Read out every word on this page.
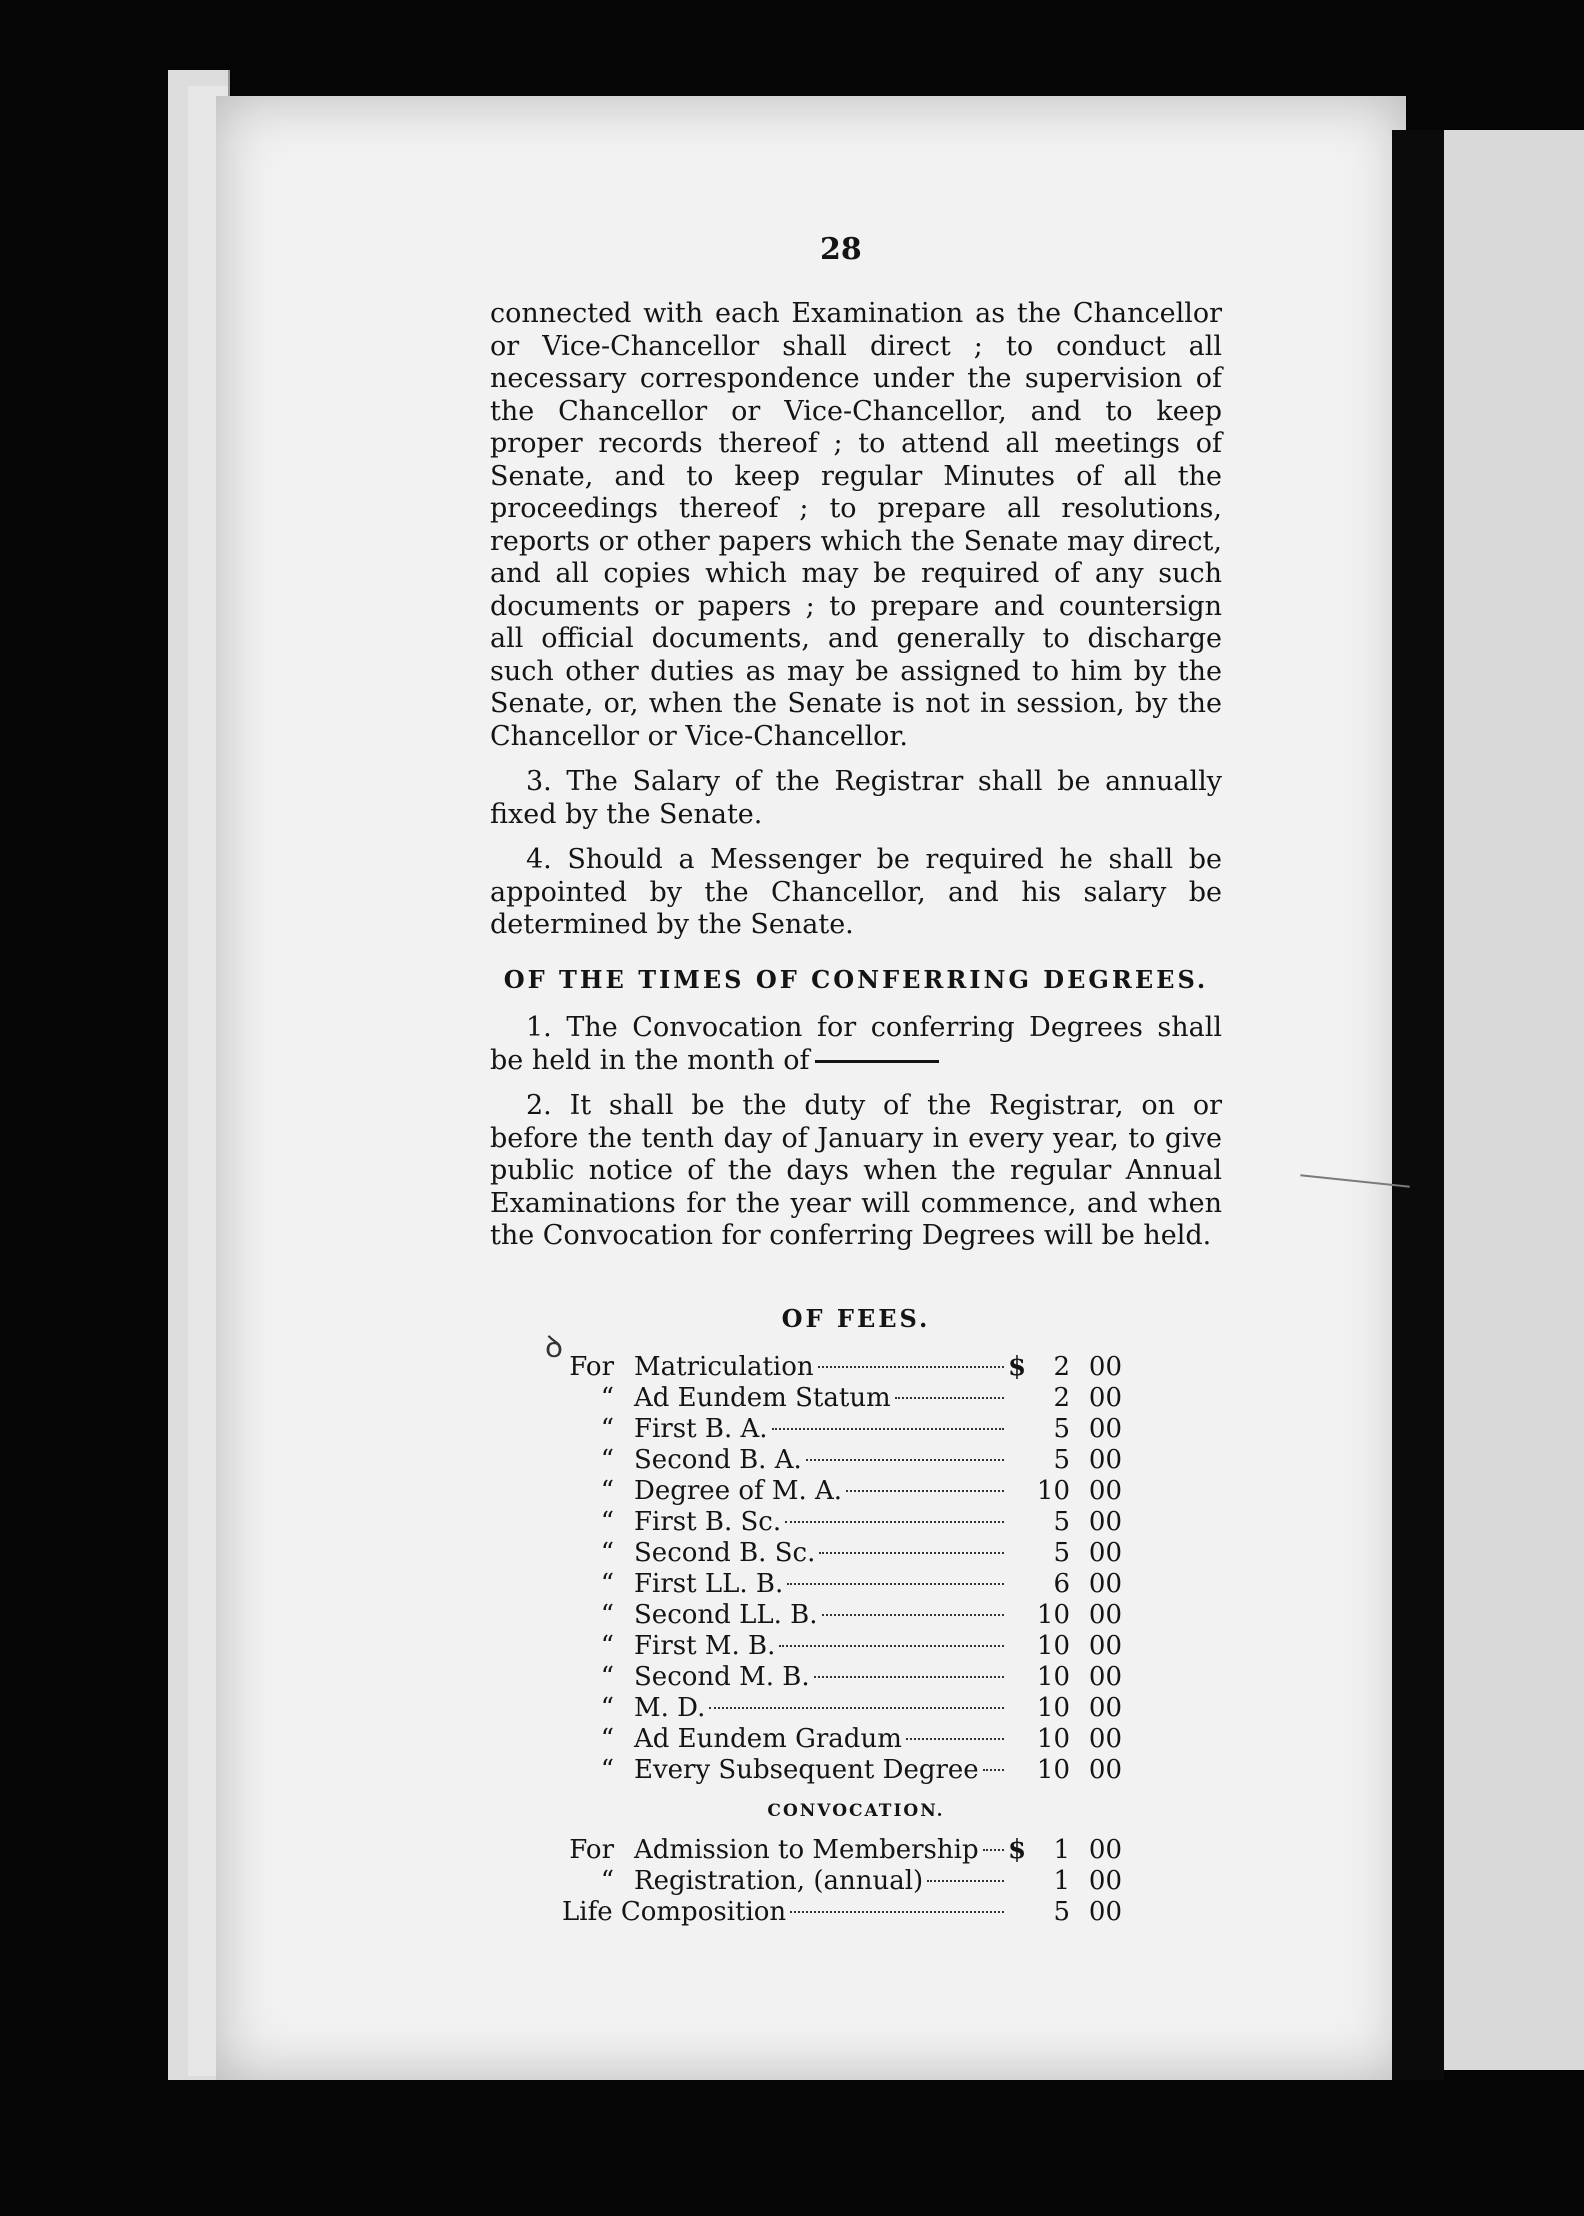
28

connected with each Examination as the Chancellor or Vice-Chancellor shall direct ; to conduct all necessary correspondence under the supervision of the Chancellor or Vice-Chancellor, and to keep proper records thereof ; to attend all meetings of Senate, and to keep regular Minutes of all the proceedings thereof ; to prepare all resolutions, reports or other papers which the Senate may direct, and all copies which may be required of any such documents or papers ; to prepare and countersign all official documents, and generally to discharge such other duties as may be assigned to him by the Senate, or, when the Senate is not in session, by the Chancellor or Vice-Chancellor.

3. The Salary of the Registrar shall be annually fixed by the Senate.

4. Should a Messenger be required he shall be appointed by the Chancellor, and his salary be determined by the Senate.

OF THE TIMES OF CONFERRING DEGREES.

1. The Convocation for conferring Degrees shall be held in the month of

2. It shall be the duty of the Registrar, on or before the tenth day of January in every year, to give public notice of the days when the regular Annual Examinations for the year will commence, and when the Convocation for conferring Degrees will be held.

OF FEES.
For Matriculation	$	2 00
“ Ad Eundem Statum	2 00
“ First B. A.	5 00
“ Second B. A.	5 00
“ Degree of M. A.	10 00
“ First B. Sc.	5 00
“ Second B. Sc.	5 00
“ First LL. B.	6 00
“ Second LL. B.	10 00
“ First M. B.	10 00
“ Second M. B.	10 00
“ M. D.	10 00
“ Ad Eundem Gradum	10 00
“ Every Subsequent Degree	10 00
CONVOCATION.
For Admission to Membership $	1 00
“ Registration, (annual)	1 00
Life Composition	5 00
ꝺ
